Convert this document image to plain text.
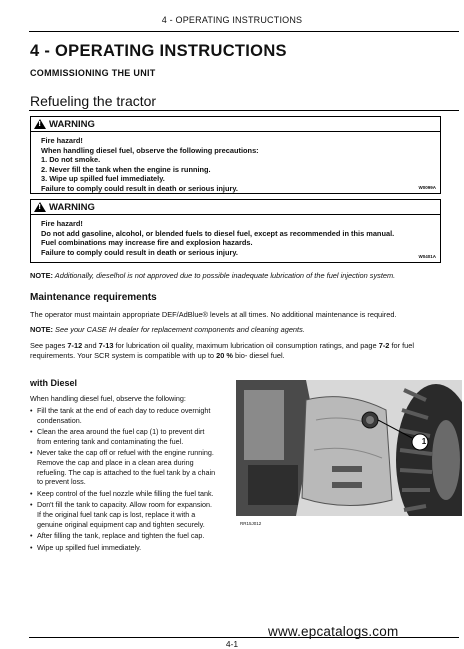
4 - OPERATING INSTRUCTIONS
4 - OPERATING INSTRUCTIONS
COMMISSIONING THE UNIT
Refueling the tractor
!
WARNING
Fire hazard!
When handling diesel fuel, observe the following precautions:
1. Do not smoke.
2. Never fill the tank when the engine is running.
3. Wipe up spilled fuel immediately.
Failure to comply could result in death or serious injury.	W0099A
!
WARNING
Fire hazard!
Do not add gasoline, alcohol, or blended fuels to diesel fuel, except as recommended in this manual.
Fuel combinations may increase fire and explosion hazards.
Failure to comply could result in death or serious injury.	W0401A
NOTE: Additionally, dieselhol is not approved due to possible inadequate lubrication of the fuel injection system.
Maintenance requirements
The operator must maintain appropriate DEF/AdBlue® levels at all times. No additional maintenance is required.
NOTE: See your CASE IH dealer for replacement components and cleaning agents.
See pages 7-12 and 7-13 for lubrication oil quality, maximum lubrication oil consumption ratings, and page 7-2 for fuel requirements. Your SCR system is compatible with up to 20 % bio- diesel fuel.
with Diesel
When handling diesel fuel, observe the following:
• Fill the tank at the end of each day to reduce overnight condensation.
• Clean the area around the fuel cap (1) to prevent dirt from entering tank and contaminating the fuel.
• Never take the cap off or refuel with the engine running. Remove the cap and place in a clean area during refueling. The cap is attached to the fuel tank by a chain to prevent loss.
• Keep control of the fuel nozzle while filling the fuel tank.
• Don't fill the tank to capacity. Allow room for expansion. If the original fuel tank cap is lost, replace it with a genuine original equipment cap and tighten securely.
• After filling the tank, replace and tighten the fuel cap.
• Wipe up spilled fuel immediately.
1
RR15J012
www.epcatalogs.com
4-1
